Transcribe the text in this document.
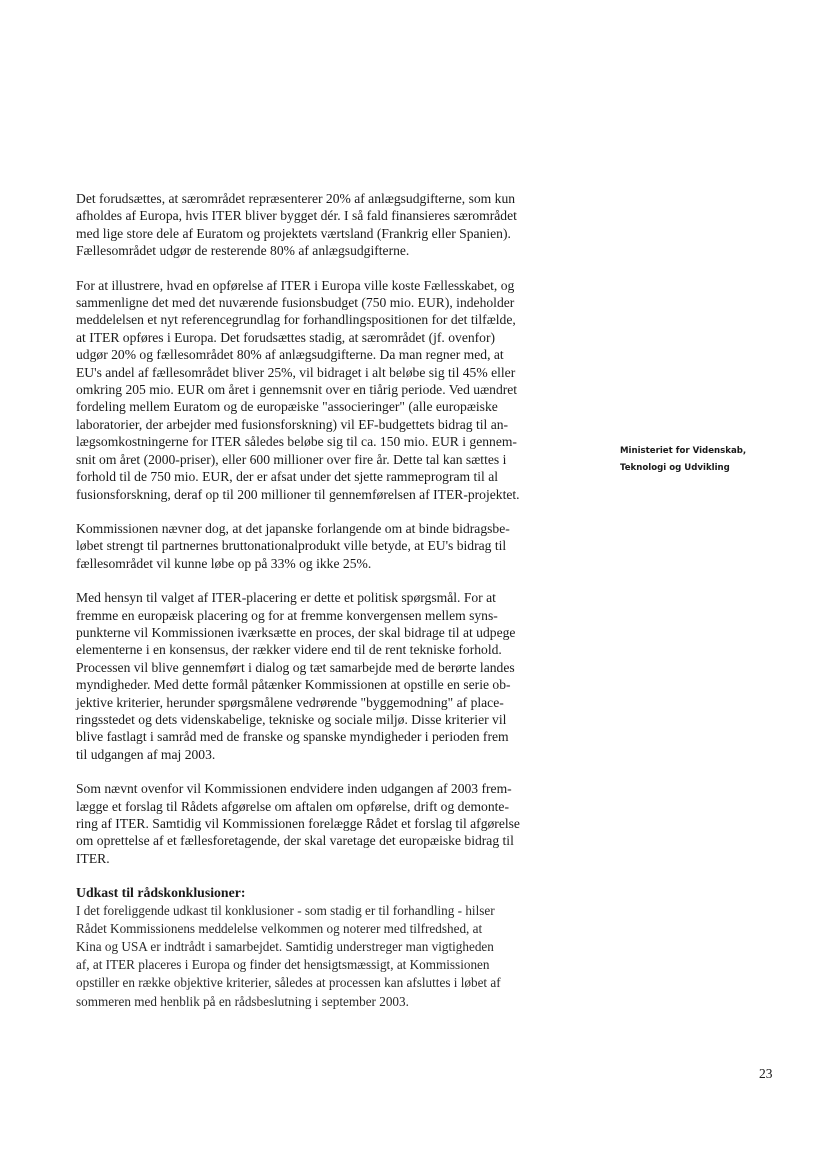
Det forudsættes, at særområdet repræsenterer 20% af anlægsudgifterne, som kun
afholdes af Europa, hvis ITER bliver bygget dér. I så fald finansieres særområdet
med lige store dele af Euratom og projektets værtsland (Frankrig eller Spanien).
Fællesområdet udgør de resterende 80% af anlægsudgifterne.

For at illustrere, hvad en opførelse af ITER i Europa ville koste Fællesskabet, og
sammenligne det med det nuværende fusionsbudget (750 mio. EUR), indeholder
meddelelsen et nyt referencegrundlag for forhandlingspositionen for det tilfælde,
at ITER opføres i Europa. Det forudsættes stadig, at særområdet (jf. ovenfor)
udgør 20% og fællesområdet 80% af anlægsudgifterne. Da man regner med, at
EU's andel af fællesområdet bliver 25%, vil bidraget i alt beløbe sig til 45% eller
omkring 205 mio. EUR om året i gennemsnit over en tiårig periode. Ved uændret
fordeling mellem Euratom og de europæiske "associeringer" (alle europæiske
laboratorier, der arbejder med fusionsforskning) vil EF-budgettets bidrag til an-
lægsomkostningerne for ITER således beløbe sig til ca. 150 mio. EUR i gennem-
snit om året (2000-priser), eller 600 millioner over fire år. Dette tal kan sættes i
forhold til de 750 mio. EUR, der er afsat under det sjette rammeprogram til al
fusionsforskning, deraf op til 200 millioner til gennemførelsen af ITER-projektet.

Kommissionen nævner dog, at det japanske forlangende om at binde bidragsbe-
løbet strengt til partnernes bruttonationalprodukt ville betyde, at EU's bidrag til
fællesområdet vil kunne løbe op på 33% og ikke 25%.

Med hensyn til valget af ITER-placering er dette et politisk spørgsmål. For at
fremme en europæisk placering og for at fremme konvergensen mellem syns-
punkterne vil Kommissionen iværksætte en proces, der skal bidrage til at udpege
elementerne i en konsensus, der rækker videre end til de rent tekniske forhold.
Processen vil blive gennemført i dialog og tæt samarbejde med de berørte landes
myndigheder. Med dette formål påtænker Kommissionen at opstille en serie ob-
jektive kriterier, herunder spørgsmålene vedrørende "byggemodning" af place-
ringsstedet og dets videnskabelige, tekniske og sociale miljø. Disse kriterier vil
blive fastlagt i samråd med de franske og spanske myndigheder i perioden frem
til udgangen af maj 2003.

Som nævnt ovenfor vil Kommissionen endvidere inden udgangen af 2003 frem-
lægge et forslag til Rådets afgørelse om aftalen om opførelse, drift og demonte-
ring af ITER. Samtidig vil Kommissionen forelægge Rådet et forslag til afgørelse
om oprettelse af et fællesforetagende, der skal varetage det europæiske bidrag til
ITER.

Udkast til rådskonklusioner:

I det foreliggende udkast til konklusioner - som stadig er til forhandling - hilser
Rådet Kommissionens meddelelse velkommen og noterer med tilfredshed, at
Kina og USA er indtrådt i samarbejdet. Samtidig understreger man vigtigheden
af, at ITER placeres i Europa og finder det hensigtsmæssigt, at Kommissionen
opstiller en række objektive kriterier, således at processen kan afsluttes i løbet af
sommeren med henblik på en rådsbeslutning i september 2003.

Ministeriet for Videnskab,
Teknologi og Udvikling
23
